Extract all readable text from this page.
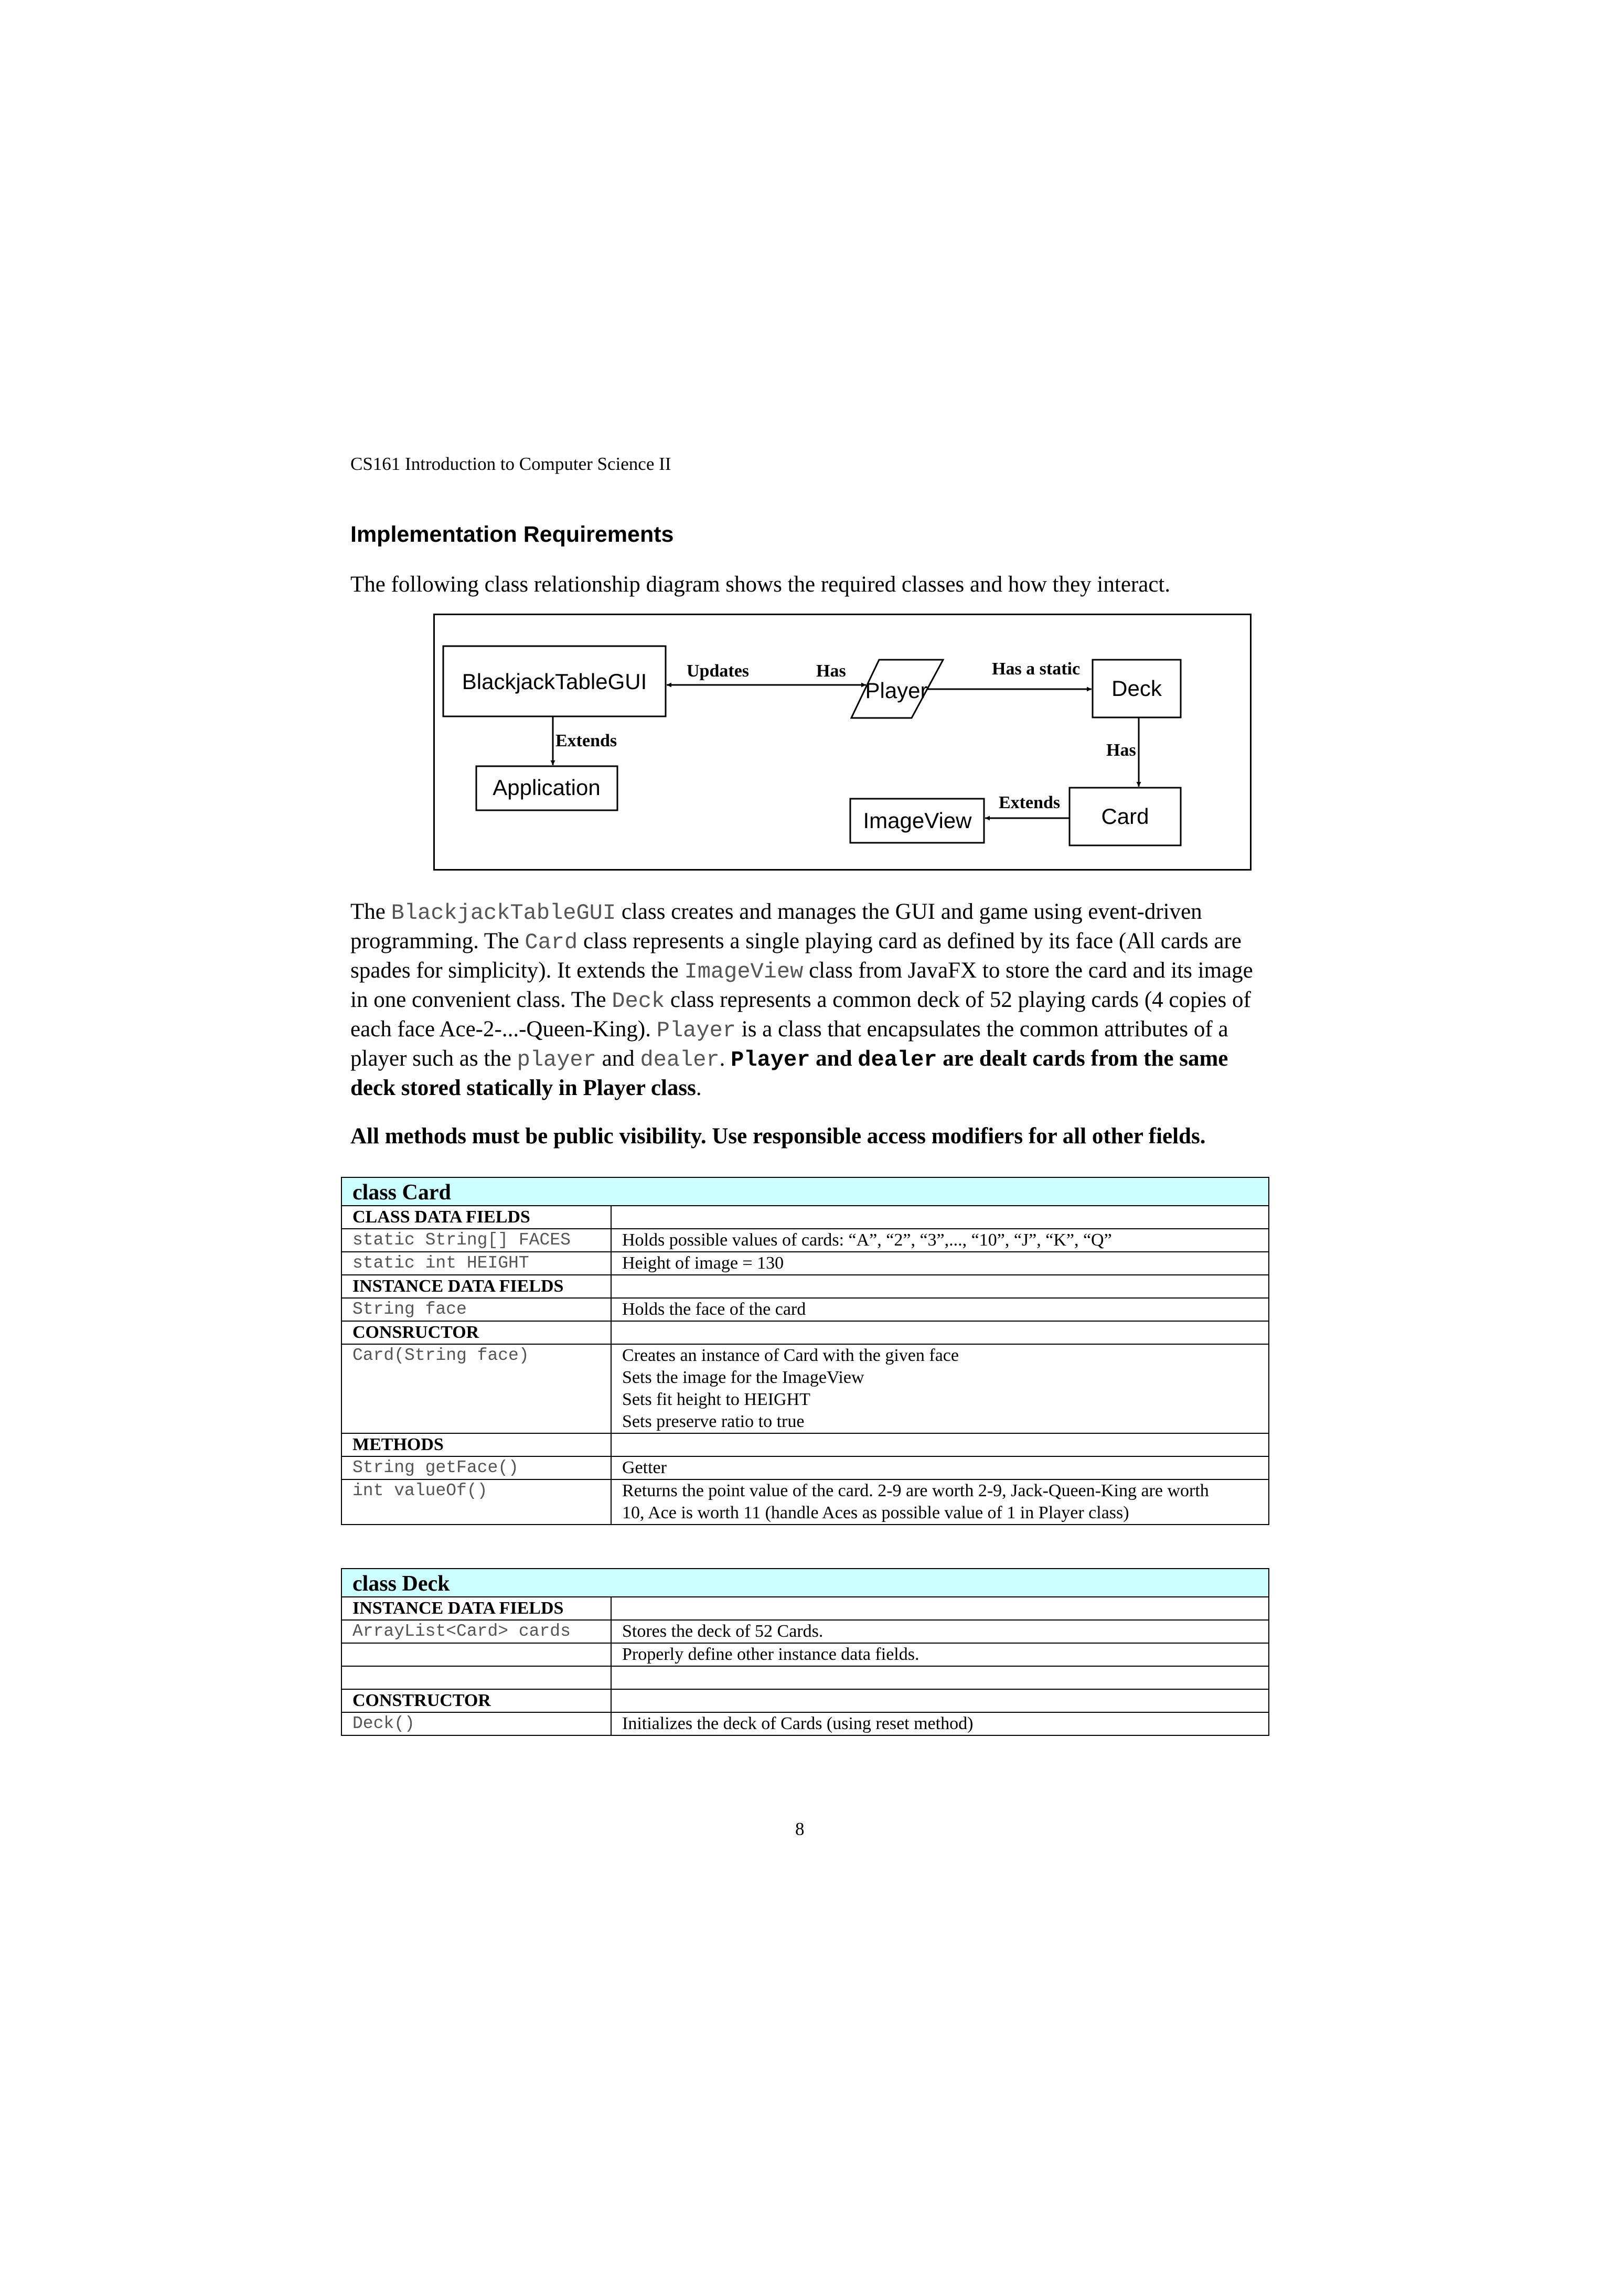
CS161 Introduction to Computer Science II
Implementation Requirements
The following class relationship diagram shows the required classes and how they interact.
BlackjackTableGUI
Application
Player	Deck
Card
ImageView
Updates	Has	Has a static
Extends	Has
Extends
The BlackjackTableGUI class creates and manages the GUI and game using event-driven programming. The Card class represents a single playing card as defined by its face (All cards are spades for simplicity). It extends the ImageView class from JavaFX to store the card and its image in one convenient class. The Deck class represents a common deck of 52 playing cards (4 copies of each face Ace-2-...-Queen-King). Player is a class that encapsulates the common attributes of a player such as the player and dealer. Player and dealer are dealt cards from the same deck stored statically in Player class.
All methods must be public visibility. Use responsible access modifiers for all other fields.
class Card	
CLASS DATA FIELDS	
static String[] FACES	Holds possible values of cards: “A”, “2”, “3”,..., “10”, “J”, “K”, “Q”
static int HEIGHT	Height of image = 130
INSTANCE DATA FIELDS	
String face	Holds the face of the card
CONSRUCTOR	
Card(String face)	Creates an instance of Card with the given face
Sets the image for the ImageView
Sets fit height to HEIGHT
Sets preserve ratio to true

METHODS	
String getFace()	Getter
int valueOf()	Returns the point value of the card. 2-9 are worth 2-9, Jack-Queen-King are worth
10, Ace is worth 11 (handle Aces as possible value of 1 in Player class)
class Deck	
INSTANCE DATA FIELDS	
ArrayList<Card> cards	Stores the deck of 52 Cards.
	Properly define other instance data fields.

CONSTRUCTOR	
Deck()	Initializes the deck of Cards (using reset method)
8
